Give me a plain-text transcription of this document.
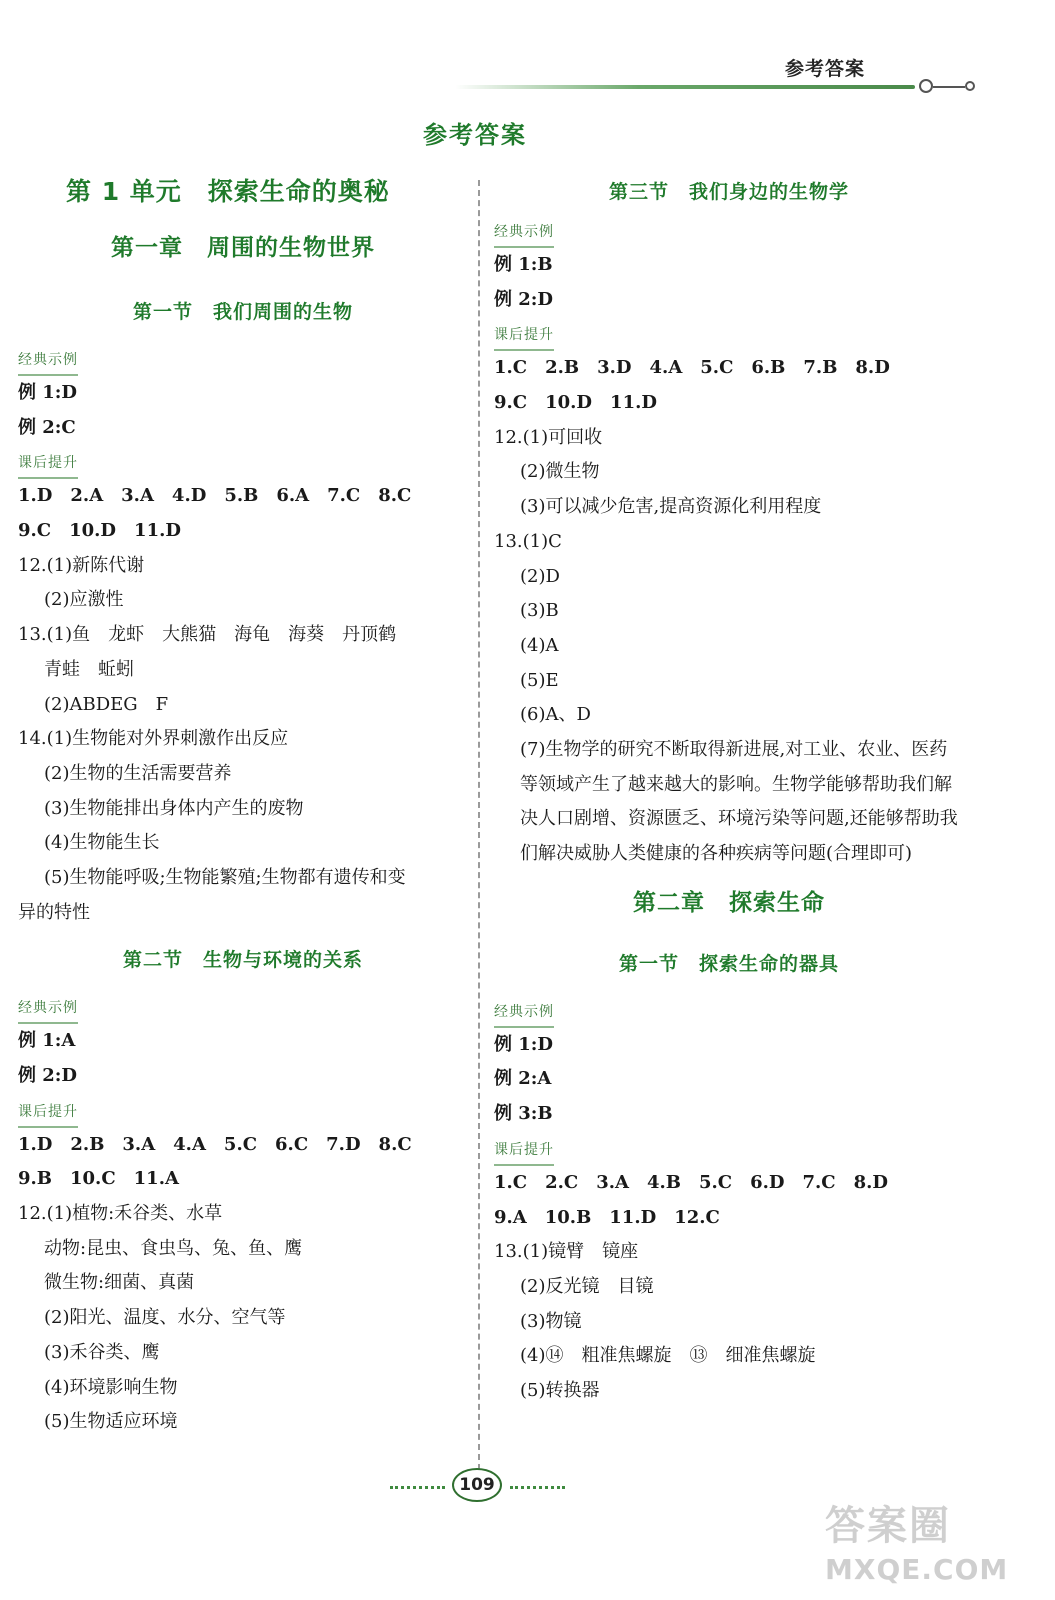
参考答案
参考答案
第 1 单元　探索生命的奥秘
第一章　周围的生物世界
第一节　我们周围的生物
经典示例
例 1:D
例 2:C
课后提升
1.D　2.A　3.A　4.D　5.B　6.A　7.C　8.C
9.C　10.D　11.D
12.(1)新陈代谢
(2)应激性
13.(1)鱼　龙虾　大熊猫　海龟　海葵　丹顶鹤
青蛙　蚯蚓
(2)ABDEG　F
14.(1)生物能对外界刺激作出反应
(2)生物的生活需要营养
(3)生物能排出身体内产生的废物
(4)生物能生长
(5)生物能呼吸;生物能繁殖;生物都有遗传和变
异的特性
第二节　生物与环境的关系
经典示例
例 1:A
例 2:D
课后提升
1.D　2.B　3.A　4.A　5.C　6.C　7.D　8.C
9.B　10.C　11.A
12.(1)植物:禾谷类、水草
动物:昆虫、食虫鸟、兔、鱼、鹰
微生物:细菌、真菌
(2)阳光、温度、水分、空气等
(3)禾谷类、鹰
(4)环境影响生物
(5)生物适应环境
第三节　我们身边的生物学
经典示例
例 1:B
例 2:D
课后提升
1.C　2.B　3.D　4.A　5.C　6.B　7.B　8.D
9.C　10.D　11.D
12.(1)可回收
(2)微生物
(3)可以减少危害,提高资源化利用程度
13.(1)C
(2)D
(3)B
(4)A
(5)E
(6)A、D
(7)生物学的研究不断取得新进展,对工业、农业、医药等领域产生了越来越大的影响。生物学能够帮助我们解决人口剧增、资源匮乏、环境污染等问题,还能够帮助我们解决威胁人类健康的各种疾病等问题(合理即可)
第二章　探索生命
第一节　探索生命的器具
经典示例
例 1:D
例 2:A
例 3:B
课后提升
1.C　2.C　3.A　4.B　5.C　6.D　7.C　8.D
9.A　10.B　11.D　12.C
13.(1)镜臂　镜座
(2)反光镜　目镜
(3)物镜
(4)⑭　粗准焦螺旋　⑬　细准焦螺旋
(5)转换器
109
答案圈
MXQE.COM
